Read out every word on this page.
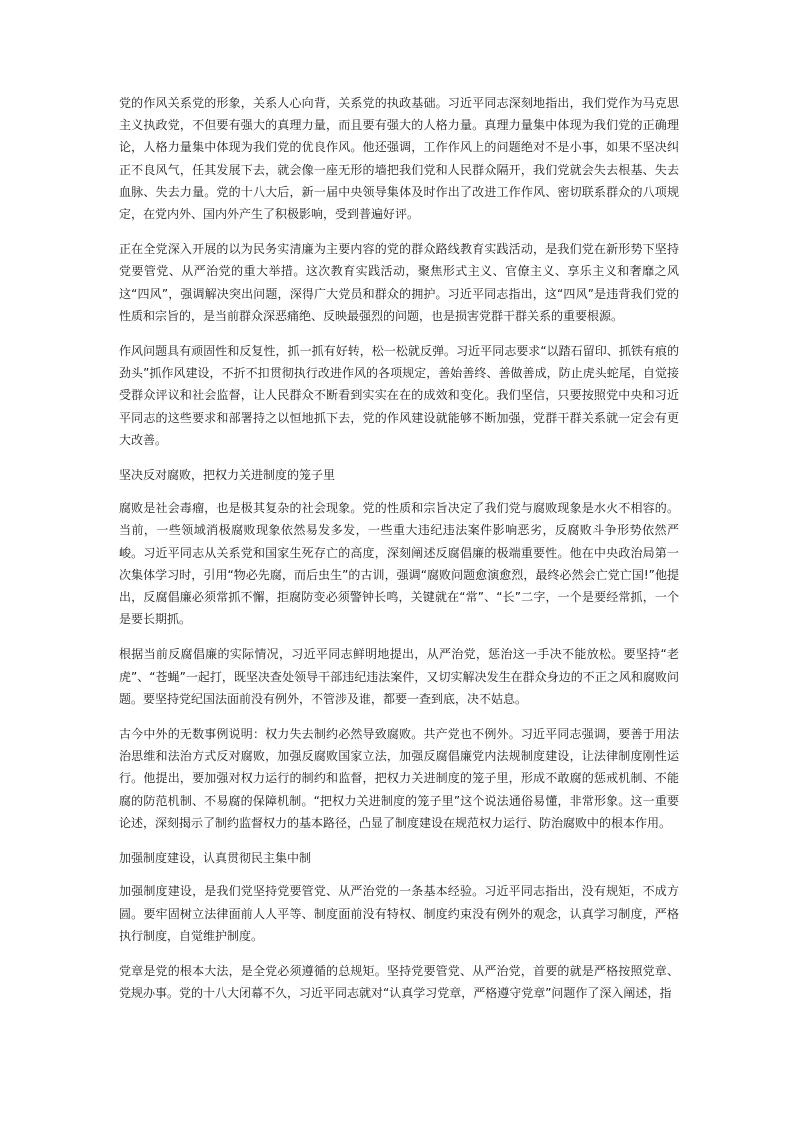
党的作风关系党的形象，关系人心向背，关系党的执政基础。习近平同志深刻地指出，我们党作为马克思主义执政党，不但要有强大的真理力量，而且要有强大的人格力量。真理力量集中体现为我们党的正确理论，人格力量集中体现为我们党的优良作风。他还强调，工作作风上的问题绝对不是小事，如果不坚决纠正不良风气，任其发展下去，就会像一座无形的墙把我们党和人民群众隔开，我们党就会失去根基、失去血脉、失去力量。党的十八大后，新一届中央领导集体及时作出了改进工作作风、密切联系群众的八项规定，在党内外、国内外产生了积极影响，受到普遍好评。

正在全党深入开展的以为民务实清廉为主要内容的党的群众路线教育实践活动，是我们党在新形势下坚持党要管党、从严治党的重大举措。这次教育实践活动，聚焦形式主义、官僚主义、享乐主义和奢靡之风这“四风”，强调解决突出问题，深得广大党员和群众的拥护。习近平同志指出，这“四风”是违背我们党的性质和宗旨的，是当前群众深恶痛绝、反映最强烈的问题，也是损害党群干群关系的重要根源。

作风问题具有顽固性和反复性，抓一抓有好转，松一松就反弹。习近平同志要求“以踏石留印、抓铁有痕的劲头”抓作风建设，不折不扣贯彻执行改进作风的各项规定，善始善终、善做善成，防止虎头蛇尾，自觉接受群众评议和社会监督，让人民群众不断看到实实在在的成效和变化。我们坚信，只要按照党中央和习近平同志的这些要求和部署持之以恒地抓下去，党的作风建设就能够不断加强，党群干群关系就一定会有更大改善。

坚决反对腐败，把权力关进制度的笼子里

腐败是社会毒瘤，也是极其复杂的社会现象。党的性质和宗旨决定了我们党与腐败现象是水火不相容的。当前，一些领域消极腐败现象依然易发多发，一些重大违纪违法案件影响恶劣，反腐败斗争形势依然严峻。习近平同志从关系党和国家生死存亡的高度，深刻阐述反腐倡廉的极端重要性。他在中央政治局第一次集体学习时，引用“物必先腐，而后虫生”的古训，强调“腐败问题愈演愈烈，最终必然会亡党亡国!”他提出，反腐倡廉必须常抓不懈，拒腐防变必须警钟长鸣，关键就在“常”、“长”二字，一个是要经常抓，一个是要长期抓。

根据当前反腐倡廉的实际情况，习近平同志鲜明地提出，从严治党，惩治这一手决不能放松。要坚持“老虎”、“苍蝇”一起打，既坚决查处领导干部违纪违法案件，又切实解决发生在群众身边的不正之风和腐败问题。要坚持党纪国法面前没有例外，不管涉及谁，都要一查到底，决不姑息。

古今中外的无数事例说明：权力失去制约必然导致腐败。共产党也不例外。习近平同志强调，要善于用法治思维和法治方式反对腐败，加强反腐败国家立法，加强反腐倡廉党内法规制度建设，让法律制度刚性运行。他提出，要加强对权力运行的制约和监督，把权力关进制度的笼子里，形成不敢腐的惩戒机制、不能腐的防范机制、不易腐的保障机制。“把权力关进制度的笼子里”这个说法通俗易懂，非常形象。这一重要论述，深刻揭示了制约监督权力的基本路径，凸显了制度建设在规范权力运行、防治腐败中的根本作用。

加强制度建设，认真贯彻民主集中制

加强制度建设，是我们党坚持党要管党、从严治党的一条基本经验。习近平同志指出，没有规矩，不成方圆。要牢固树立法律面前人人平等、制度面前没有特权、制度约束没有例外的观念，认真学习制度，严格执行制度，自觉维护制度。

党章是党的根本大法，是全党必须遵循的总规矩。坚持党要管党、从严治党，首要的就是严格按照党章、党规办事。党的十八大闭幕不久，习近平同志就对“认真学习党章，严格遵守党章”问题作了深入阐述，指
